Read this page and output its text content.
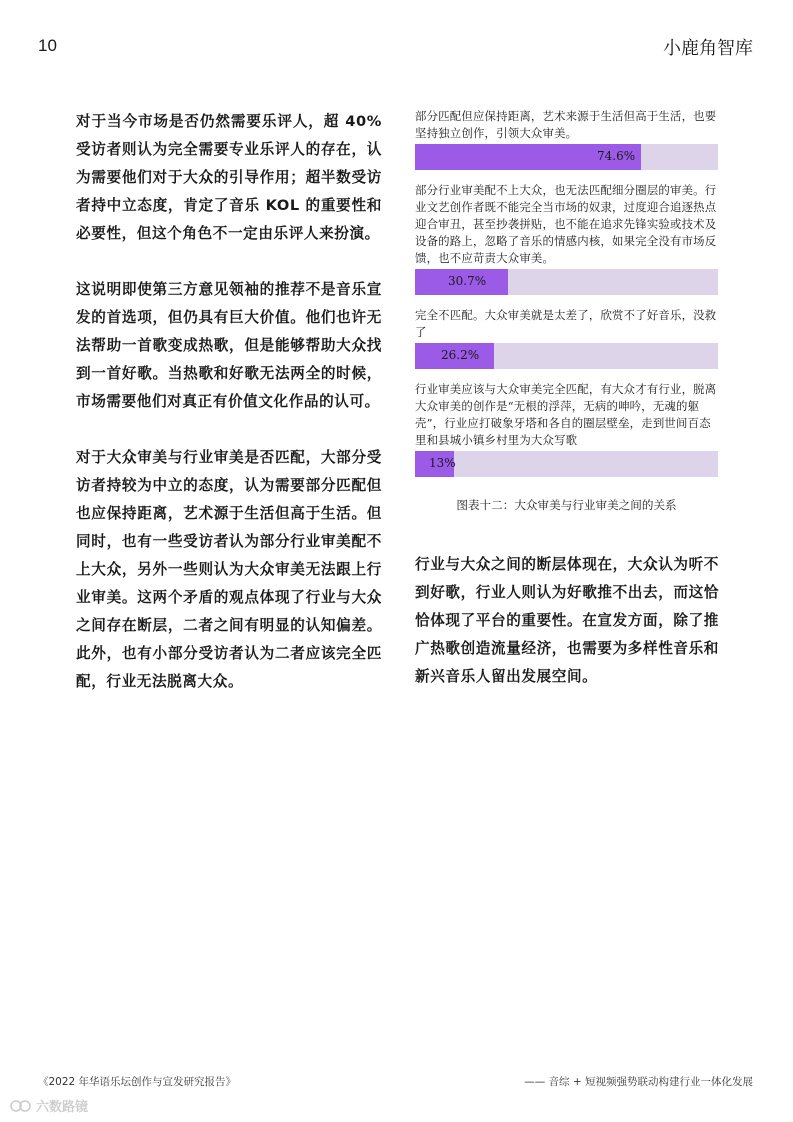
10	小鹿角智库

对于当今市场是否仍然需要乐评人，超 40% 受访者则认为完全需要专业乐评人的存在，认为需要他们对于大众的引导作用；超半数受访者持中立态度，肯定了音乐 KOL 的重要性和必要性，但这个角色不一定由乐评人来扮演。

这说明即使第三方意见领袖的推荐不是音乐宣发的首选项，但仍具有巨大价值。他们也许无法帮助一首歌变成热歌，但是能够帮助大众找到一首好歌。当热歌和好歌无法两全的时候，市场需要他们对真正有价值文化作品的认可。

对于大众审美与行业审美是否匹配，大部分受访者持较为中立的态度，认为需要部分匹配但也应保持距离，艺术源于生活但高于生活。但同时，也有一些受访者认为部分行业审美配不上大众，另外一些则认为大众审美无法跟上行业审美。这两个矛盾的观点体现了行业与大众之间存在断层，二者之间有明显的认知偏差。此外，也有小部分受访者认为二者应该完全匹配，行业无法脱离大众。

部分匹配但应保持距离，艺术来源于生活但高于生活，也要坚持独立创作，引领大众审美。
74.6%
部分行业审美配不上大众，也无法匹配细分圈层的审美。行业文艺创作者既不能完全当市场的奴隶，过度迎合追逐热点迎合审丑，甚至抄袭拼贴，也不能在追求先锋实验或技术及设备的路上，忽略了音乐的情感内核，如果完全没有市场反馈，也不应苛责大众审美。
30.7%
完全不匹配。大众审美就是太差了，欣赏不了好音乐，没救了
26.2%
行业审美应该与大众审美完全匹配，有大众才有行业，脱离大众审美的创作是“无根的浮萍，无病的呻吟，无魂的躯壳”，行业应打破象牙塔和各自的圈层壁垒，走到世间百态里和县城小镇乡村里为大众写歌
13%
图表十二：大众审美与行业审美之间的关系

行业与大众之间的断层体现在，大众认为听不到好歌，行业人则认为好歌推不出去，而这恰恰体现了平台的重要性。在宣发方面，除了推广热歌创造流量经济，也需要为多样性音乐和新兴音乐人留出发展空间。

《2022 年华语乐坛创作与宣发研究报告》	—— 音综 + 短视频强势联动构建行业一体化发展
六数路镜
